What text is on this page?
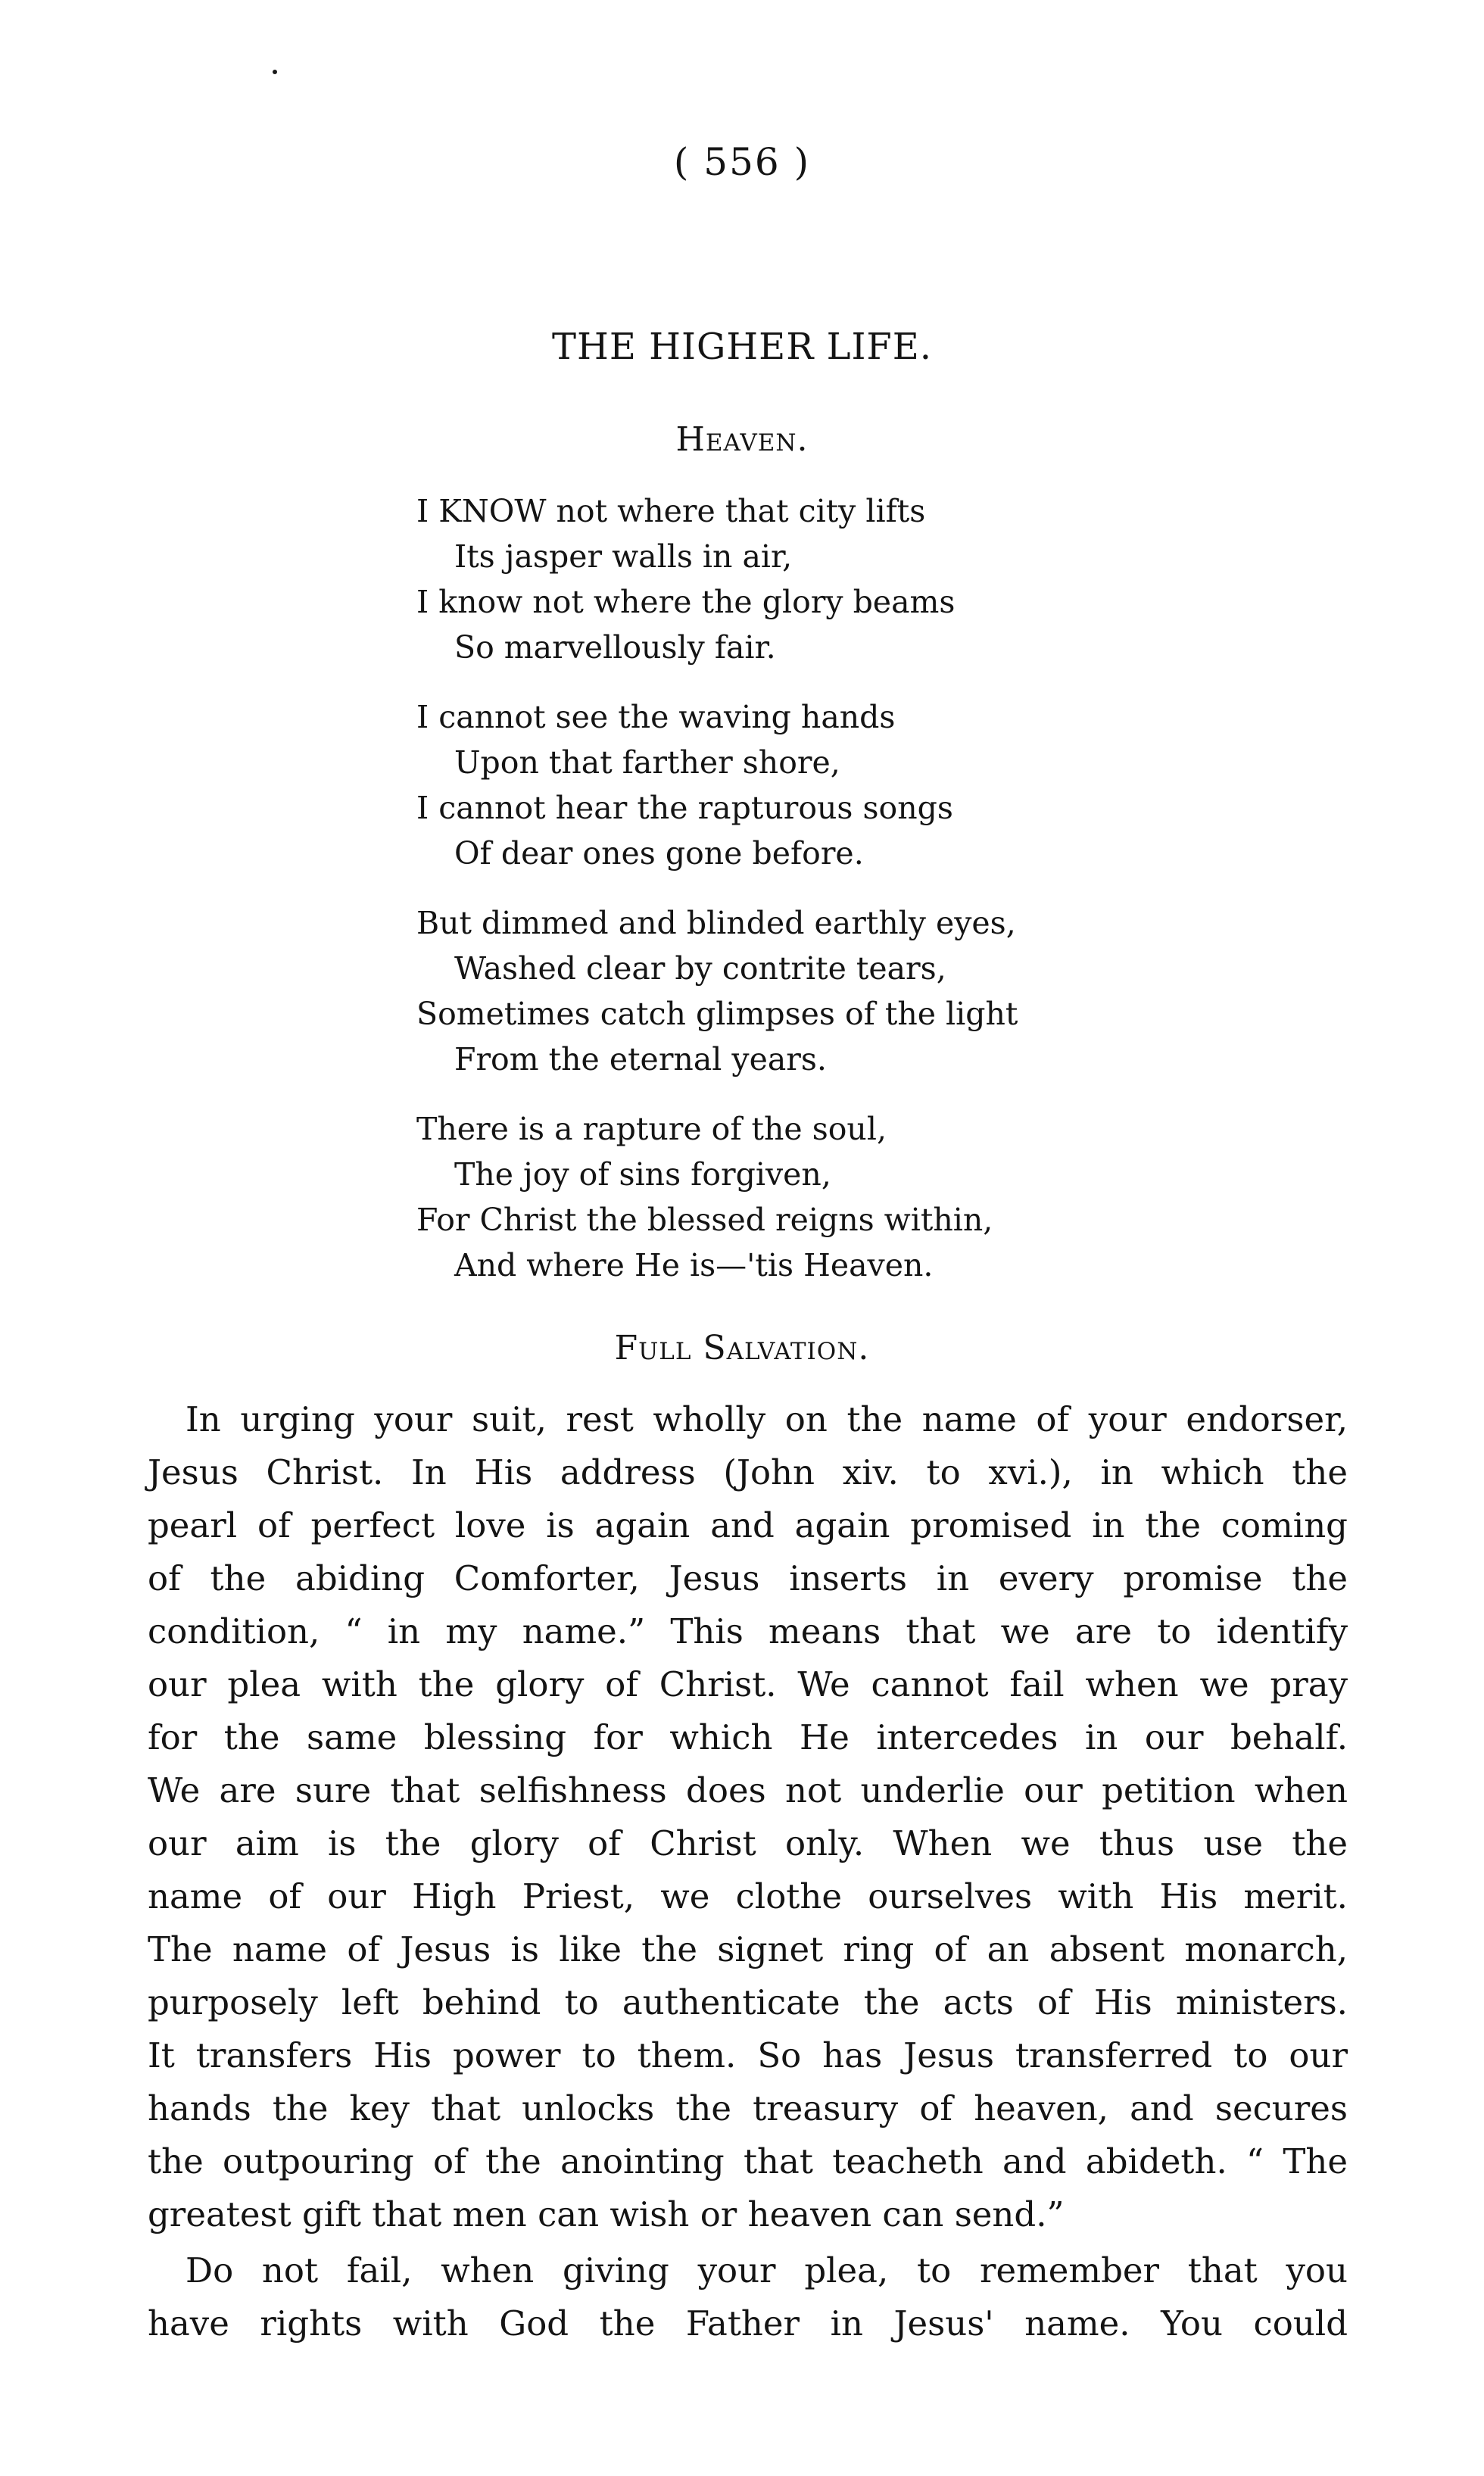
( 556 )
THE HIGHER LIFE.
Heaven.
I KNOW not where that city lifts
Its jasper walls in air,
I know not where the glory beams
So marvellously fair.
I cannot see the waving hands
Upon that farther shore,
I cannot hear the rapturous songs
Of dear ones gone before.
But dimmed and blinded earthly eyes,
Washed clear by contrite tears,
Sometimes catch glimpses of the light
From the eternal years.
There is a rapture of the soul,
The joy of sins forgiven,
For Christ the blessed reigns within,
And where He is—'tis Heaven.
Full Salvation.
In urging your suit, rest wholly on the name of your endorser,
Jesus Christ. In His address (John xiv. to xvi.), in which the
pearl of perfect love is again and again promised in the coming
of the abiding Comforter, Jesus inserts in every promise the
condition, “ in my name.” This means that we are to identify
our plea with the glory of Christ. We cannot fail when we pray
for the same blessing for which He intercedes in our behalf.
We are sure that selfishness does not underlie our petition when
our aim is the glory of Christ only. When we thus use the
name of our High Priest, we clothe ourselves with His merit.
The name of Jesus is like the signet ring of an absent monarch,
purposely left behind to authenticate the acts of His ministers.
It transfers His power to them. So has Jesus transferred to our
hands the key that unlocks the treasury of heaven, and secures
the outpouring of the anointing that teacheth and abideth. “ The
greatest gift that men can wish or heaven can send.”
Do not fail, when giving your plea, to remember that you
have rights with God the Father in Jesus' name. You could
